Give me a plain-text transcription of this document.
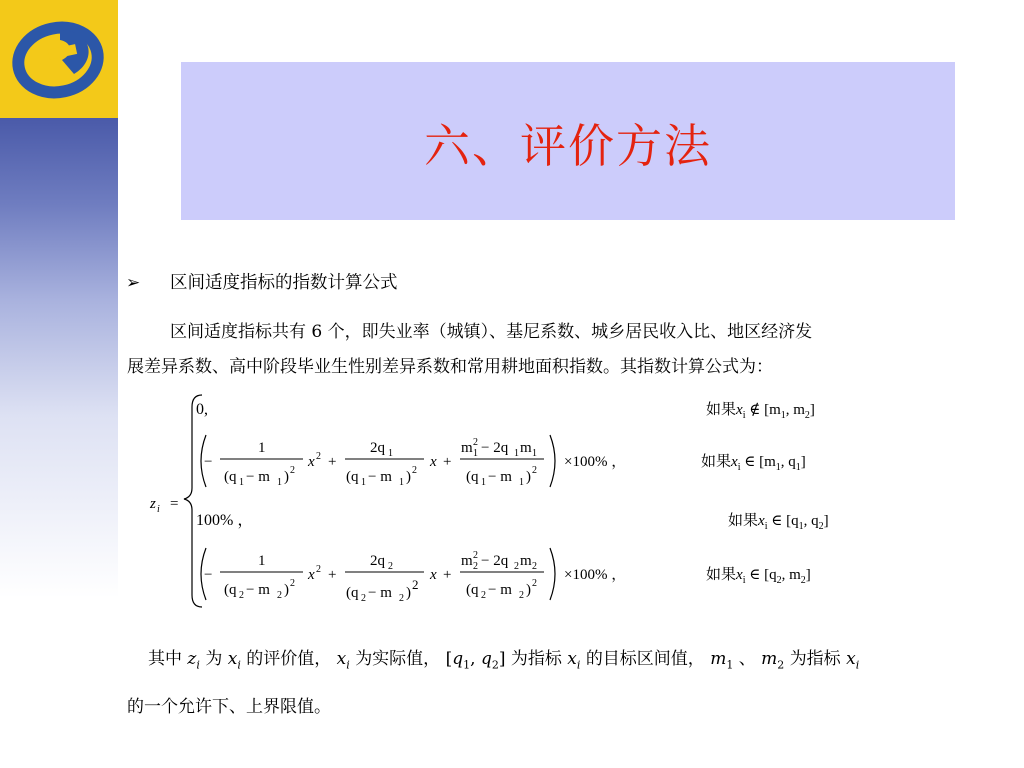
六、评价方法
➢ 区间适度指标的指数计算公式
区间适度指标共有 6 个，即失业率（城镇）、基尼系数、城乡居民收入比、地区经济发
展差异系数、高中阶段毕业生性别差异系数和常用耕地面积指数。其指数计算公式为：
z i =
0,
−
1
(q 1 − m 1 ) 2
x 2 +
2q 1
(q 1 − m 1 ) 2
x +
m 2
1 − 2q 1 m 1
(q 1 − m 1 ) 2
×100% ，
100% ，
−
1
(q 2 − m 2 ) 2
x 2 +
2q 2
(q 2 − m 2 )
2
x +
m 2
2 − 2q 2 m 2
(q 2 − m 2 ) 2
×100% ，
如果$x_i$ ∉ [$m_1$, $m_2$]
如果$x_i$ ∈ [$m_1$, $q_1$]
如果$x_i$ ∈ [$q_1$, $q_2$]
如果$x_i$ ∈ [$q_2$, $m_2$]
其中 $z_i$ 为 $x_i$ 的评价值， $x_i$ 为实际值， [$q_1$, $q_2$] 为指标 $x_i$ 的目标区间值， $m_1$ 、 $m_2$ 为指标 $x_i$
的一个允许下、上界限值。
